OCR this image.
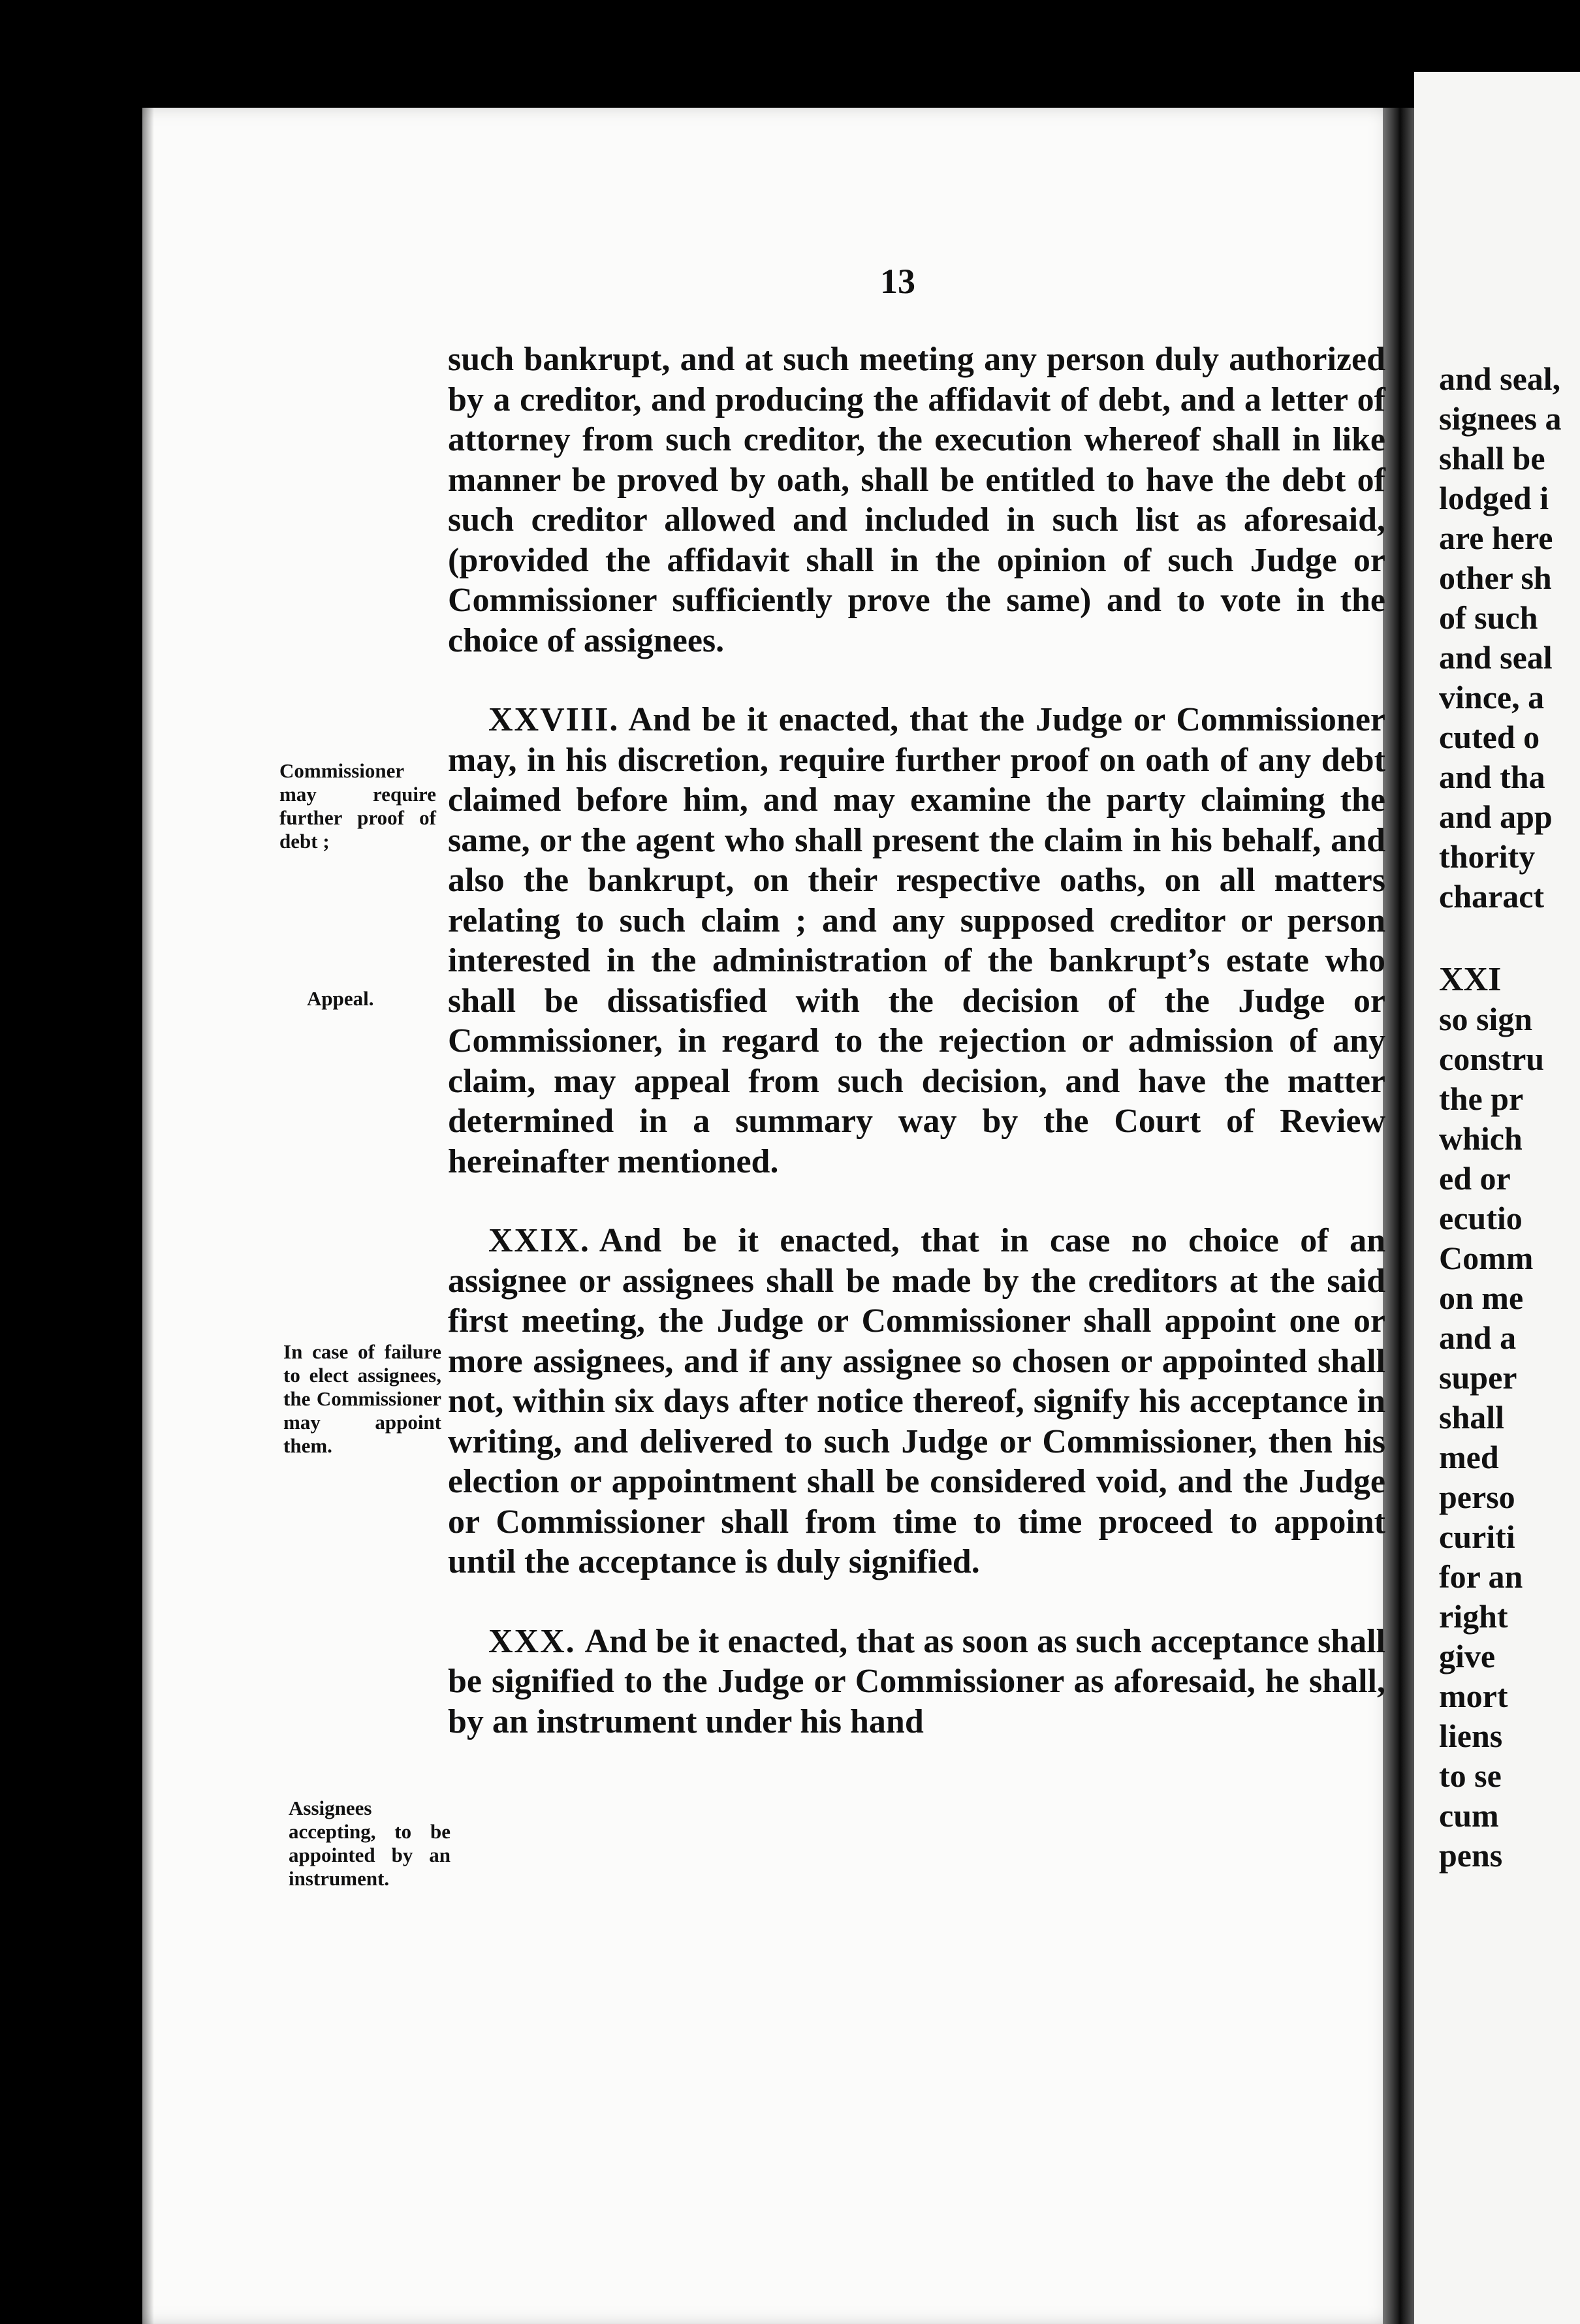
and seal,
signees a
shall be
lodged i
are here
other sh
of such
and seal
vince, a
cuted o
and tha
and app
thority
charact
XXI
so sign
constru
the pr
which
ed or
ecutio
Comm
on me
and a
super
shall
med
perso
curiti
for an
right
give
mort
liens
to se
cum
pens
13

such bankrupt, and at such meeting any person duly authorized by a creditor, and producing the affidavit of debt, and a letter of attorney from such creditor, the execution whereof shall in like manner be proved by oath, shall be entitled to have the debt of such creditor allowed and included in such list as aforesaid, (provided the affidavit shall in the opinion of such Judge or Commissioner sufficiently prove the same) and to vote in the choice of assignees.

XXVIII. And be it enacted, that the Judge or Commissioner may, in his discretion, require further proof on oath of any debt claimed before him, and may examine the party claiming the same, or the agent who shall present the claim in his behalf, and also the bankrupt, on their respective oaths, on all matters relating to such claim ; and any supposed creditor or person interested in the administration of the bankrupt’s estate who shall be dissatisfied with the decision of the Judge or Commissioner, in regard to the rejection or admission of any claim, may appeal from such decision, and have the matter determined in a summary way by the Court of Review hereinafter mentioned.

XXIX. And be it enacted, that in case no choice of an assignee or assignees shall be made by the creditors at the said first meeting, the Judge or Commissioner shall appoint one or more assignees, and if any assignee so chosen or appointed shall not, within six days after notice thereof, signify his acceptance in writing, and delivered to such Judge or Commissioner, then his election or appointment shall be considered void, and the Judge or Commissioner shall from time to time proceed to appoint until the acceptance is duly signified.

XXX. And be it enacted, that as soon as such acceptance shall be signified to the Judge or Commissioner as aforesaid, he shall, by an instrument under his hand

Commissioner may require further proof of debt ;
Appeal.
In case of failure to elect assignees, the Commissioner may appoint them.
Assignees accepting, to be appointed by an instrument.
